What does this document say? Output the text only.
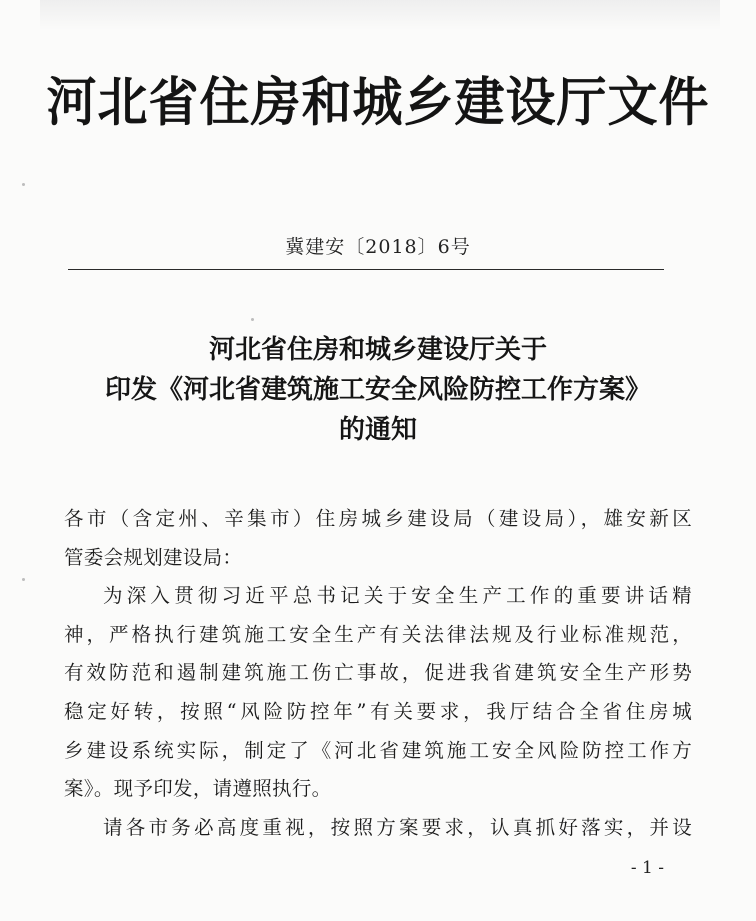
河北省住房和城乡建设厅文件
冀建安〔2018〕6号
河北省住房和城乡建设厅关于
印发《河北省建筑施工安全风险防控工作方案》
的通知
各市（含定州、辛集市）住房城乡建设局（建设局），雄安新区
管委会规划建设局：
为深入贯彻习近平总书记关于安全生产工作的重要讲话精
神，严格执行建筑施工安全生产有关法律法规及行业标准规范，
有效防范和遏制建筑施工伤亡事故，促进我省建筑安全生产形势
稳定好转，按照“风险防控年”有关要求，我厅结合全省住房城
乡建设系统实际，制定了《河北省建筑施工安全风险防控工作方
案》。现予印发，请遵照执行。
请各市务必高度重视，按照方案要求，认真抓好落实，并设
- 1 -
